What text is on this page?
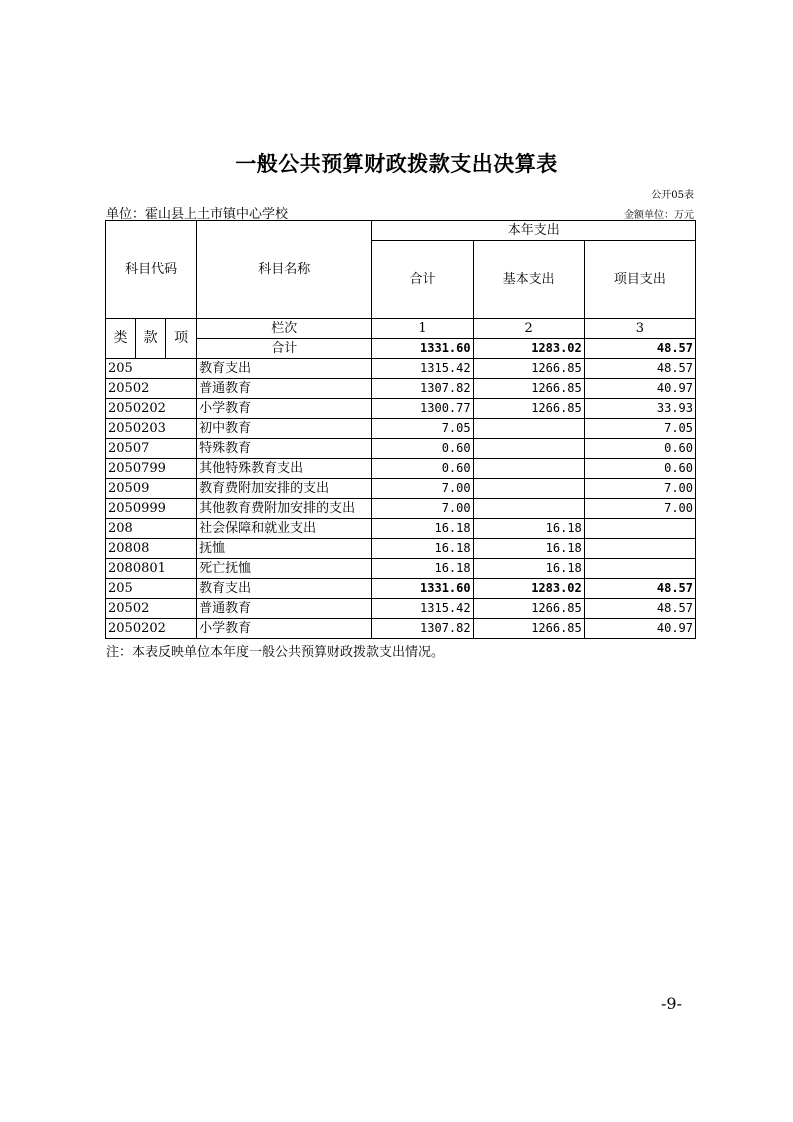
一般公共预算财政拨款支出决算表
公开05表
单位：霍山县上土市镇中心学校	金额单位：万元
科目代码			科目名称	本年支出		
				合计	基本支出	项目支出
类	款	项	栏次	1	2	3
			合计	1331.60	1283.02	48.57
205			教育支出	1315.42	1266.85	48.57
20502			普通教育	1307.82	1266.85	40.97
2050202			小学教育	1300.77	1266.85	33.93
2050203			初中教育	7.05		7.05
20507			特殊教育	0.60		0.60
2050799			其他特殊教育支出	0.60		0.60
20509			教育费附加安排的支出	7.00		7.00
2050999			其他教育费附加安排的支出	7.00		7.00
208			社会保障和就业支出	16.18	16.18	
20808			抚恤	16.18	16.18	
2080801			死亡抚恤	16.18	16.18	
205			教育支出	1331.60	1283.02	48.57
20502			普通教育	1315.42	1266.85	48.57
2050202			小学教育	1307.82	1266.85	40.97
注：本表反映单位本年度一般公共预算财政拨款支出情况。
-9-
